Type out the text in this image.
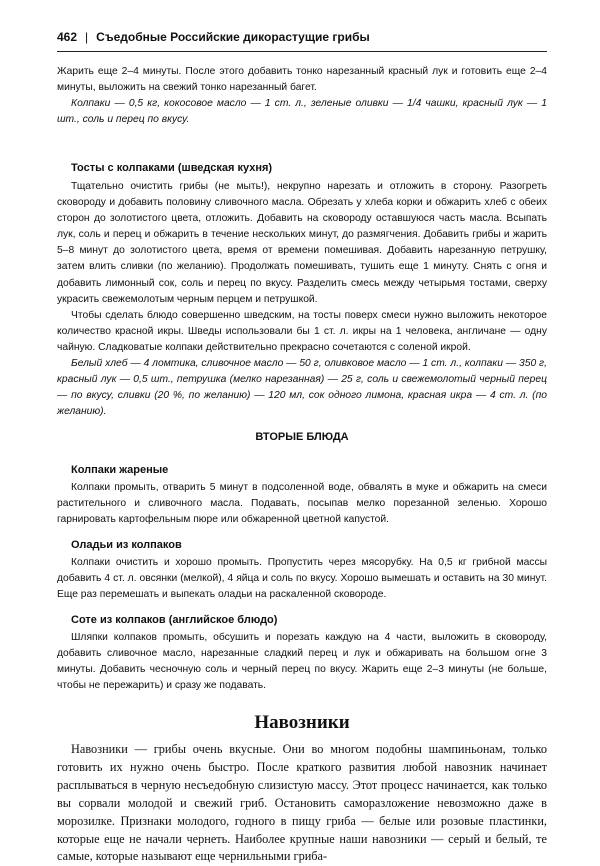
462 | Съедобные Российские дикорастущие грибы

Жарить еще 2–4 минуты. После этого добавить тонко нарезанный красный лук и готовить еще 2–4 минуты, выложить на свежий тонко нарезанный багет.

Колпаки — 0,5 кг, кокосовое масло — 1 ст. л., зеленые оливки — 1/4 чашки, красный лук — 1 шт., соль и перец по вкусу.

Тосты с колпаками (шведская кухня)

Тщательно очистить грибы (не мыть!), некрупно нарезать и отложить в сторону. Разогреть сковороду и добавить половину сливочного масла. Обрезать у хлеба корки и обжарить хлеб с обеих сторон до золотистого цвета, отложить. Добавить на сковороду оставшуюся часть масла. Всыпать лук, соль и перец и обжарить в течение нескольких минут, до размягчения. Добавить грибы и жарить 5–8 минут до золотистого цвета, время от времени помешивая. Добавить нарезанную петрушку, затем влить сливки (по желанию). Продолжать помешивать, тушить еще 1 минуту. Снять с огня и добавить лимонный сок, соль и перец по вкусу. Разделить смесь между четырьмя тостами, сверху украсить свежемолотым черным перцем и петрушкой.

Чтобы сделать блюдо совершенно шведским, на тосты поверх смеси нужно выложить некоторое количество красной икры. Шведы использовали бы 1 ст. л. икры на 1 человека, англичане — одну чайную. Сладковатые колпаки действительно прекрасно сочетаются с соленой икрой.

Белый хлеб — 4 ломтика, сливочное масло — 50 г, оливковое масло — 1 ст. л., колпаки — 350 г, красный лук — 0,5 шт., петрушка (мелко нарезанная) — 25 г, соль и свежемолотый черный перец — по вкусу, сливки (20 %, по желанию) — 120 мл, сок одного лимона, красная икра — 4 ст. л. (по желанию).

ВТОРЫЕ БЛЮДА
Колпаки жареные

Колпаки промыть, отварить 5 минут в подсоленной воде, обвалять в муке и обжарить на смеси растительного и сливочного масла. Подавать, посыпав мелко порезанной зеленью. Хорошо гарнировать картофельным пюре или обжаренной цветной капустой.

Оладьи из колпаков

Колпаки очистить и хорошо промыть. Пропустить через мясорубку. На 0,5 кг грибной массы добавить 4 ст. л. овсянки (мелкой), 4 яйца и соль по вкусу. Хорошо вымешать и оставить на 30 минут. Еще раз перемешать и выпекать оладьи на раскаленной сковороде.

Соте из колпаков (английское блюдо)

Шляпки колпаков промыть, обсушить и порезать каждую на 4 части, выложить в сковороду, добавить сливочное масло, нарезанные сладкий перец и лук и обжаривать на большом огне 3 минуты. Добавить чесночную соль и черный перец по вкусу. Жарить еще 2–3 минуты (не больше, чтобы не пережарить) и сразу же подавать.

Навозники

Навозники — грибы очень вкусные. Они во многом подобны шампиньонам, только готовить их нужно очень быстро. После краткого развития любой навозник начинает расплываться в черную несъедобную слизистую массу. Этот процесс начинается, как только вы сорвали молодой и свежий гриб. Остановить саморазложение невозможно даже в морозилке. Признаки молодого, годного в пищу гриба — белые или розовые пластинки, которые еще не начали чернеть. Наиболее крупные наши навозники — серый и белый, те самые, которые называют еще чернильными гриба-
